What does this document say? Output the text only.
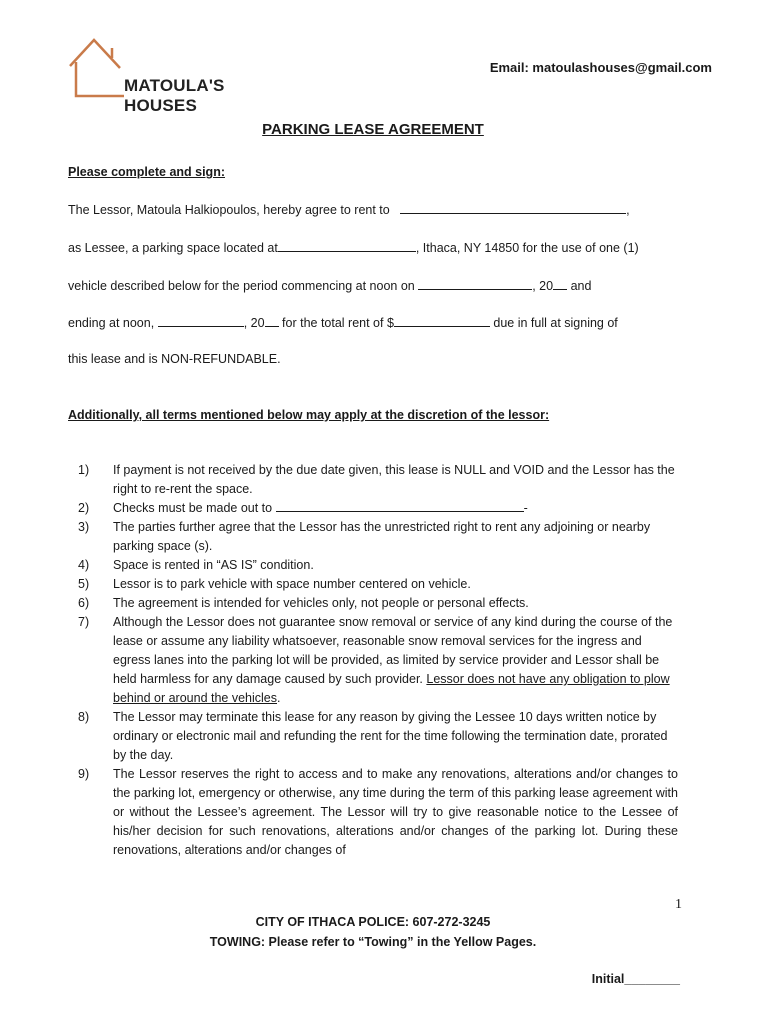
MATOULA'S HOUSES
Email: matoulashouses@gmail.com
PARKING LEASE AGREEMENT
Please complete and sign:
The Lessor, Matoula Halkiopoulos, hereby agree to rent to	,
as Lessee, a parking space located at	, Ithaca, NY 14850 for the use of one (1)
vehicle described below for the period commencing at noon on	, 20 and
ending at noon,	, 20 for the total rent of $	due in full at signing of
this lease and is NON-REFUNDABLE.
Additionally, all terms mentioned below may apply at the discretion of the lessor:
1) If payment is not received by the due date given, this lease is NULL and VOID and the Lessor has the right to re-rent the space.
2) Checks must be made out to	-
3) The parties further agree that the Lessor has the unrestricted right to rent any adjoining or nearby parking space (s).
4) Space is rented in “AS IS” condition.
5) Lessor is to park vehicle with space number centered on vehicle.
6) The agreement is intended for vehicles only, not people or personal effects.
7) Although the Lessor does not guarantee snow removal or service of any kind during the course of the lease or assume any liability whatsoever, reasonable snow removal services for the ingress and egress lanes into the parking lot will be provided, as limited by service provider and Lessor shall be held harmless for any damage caused by such provider. Lessor does not have any obligation to plow behind or around the vehicles.
8) The Lessor may terminate this lease for any reason by giving the Lessee 10 days written notice by ordinary or electronic mail and refunding the rent for the time following the termination date, prorated by the day.
9) The Lessor reserves the right to access and to make any renovations, alterations and/or changes to the parking lot, emergency or otherwise, any time during the term of this parking lease agreement with or without the Lessee’s agreement. The Lessor will try to give reasonable notice to the Lessee of his/her decision for such renovations, alterations and/or changes of the parking lot. During these renovations, alterations and/or changes of
1
CITY OF ITHACA POLICE: 607-272-3245
TOWING: Please refer to “Towing” in the Yellow Pages.
Initial________
